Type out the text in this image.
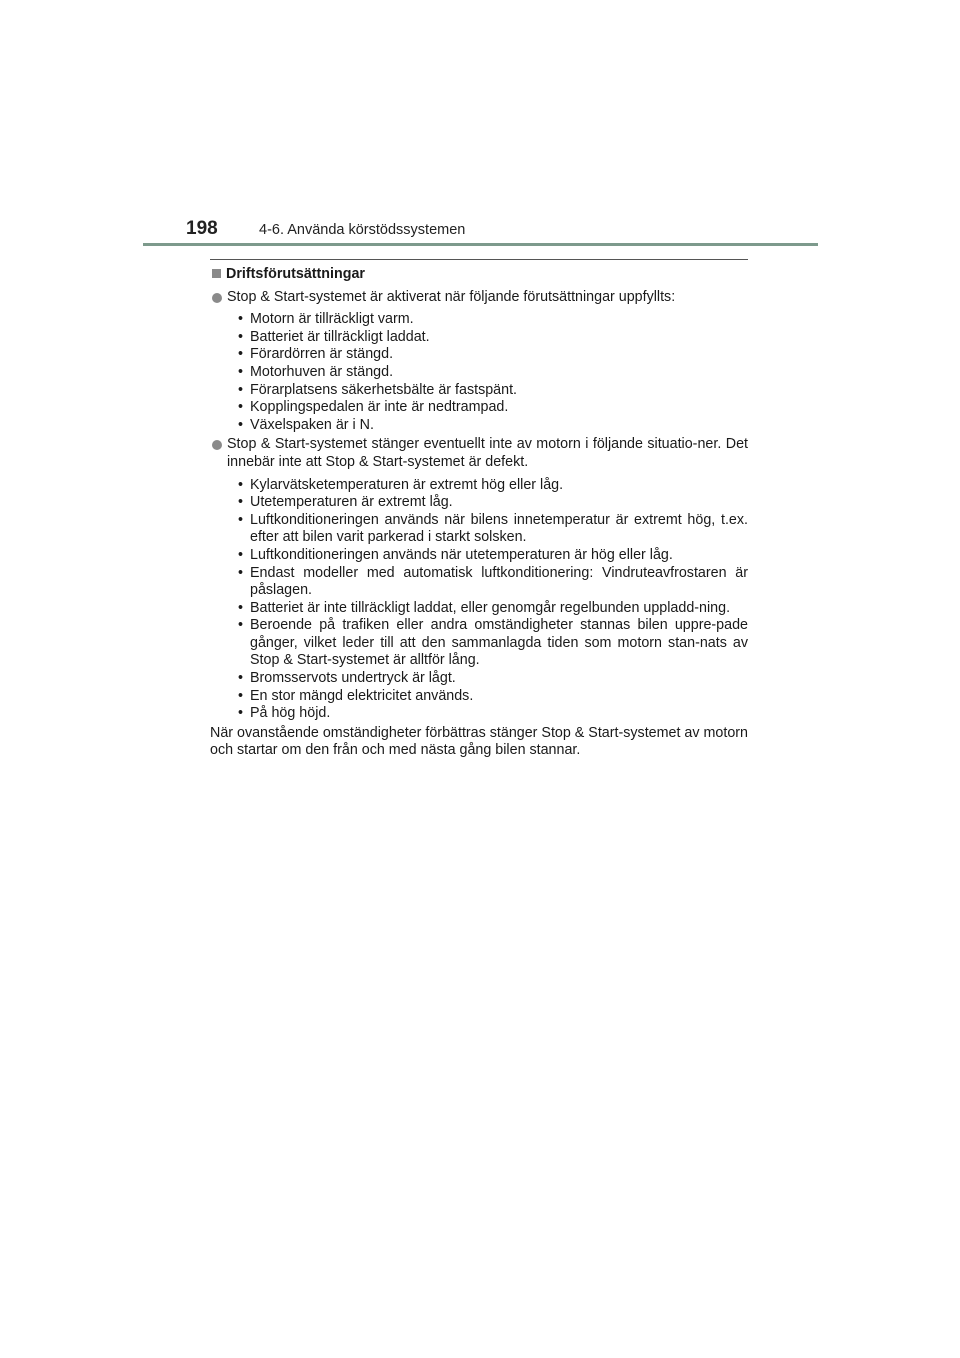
198	4-6. Använda körstödssystemen
Driftsförutsättningar
Stop & Start-systemet är aktiverat när följande förutsättningar uppfyllts:
• Motorn är tillräckligt varm.
• Batteriet är tillräckligt laddat.
• Förardörren är stängd.
• Motorhuven är stängd.
• Förarplatsens säkerhetsbälte är fastspänt.
• Kopplingspedalen är inte är nedtrampad.
• Växelspaken är i N.
Stop & Start-systemet stänger eventuellt inte av motorn i följande situatio-ner. Det innebär inte att Stop & Start-systemet är defekt.
• Kylarvätsketemperaturen är extremt hög eller låg.
• Utetemperaturen är extremt låg.
• Luftkonditioneringen används när bilens innetemperatur är extremt hög, t.ex. efter att bilen varit parkerad i starkt solsken.
• Luftkonditioneringen används när utetemperaturen är hög eller låg.
• Endast modeller med automatisk luftkonditionering: Vindruteavfrostaren är påslagen.
• Batteriet är inte tillräckligt laddat, eller genomgår regelbunden uppladd-ning.
• Beroende på trafiken eller andra omständigheter stannas bilen uppre-pade gånger, vilket leder till att den sammanlagda tiden som motorn stan-nats av Stop & Start-systemet är alltför lång.
• Bromsservots undertryck är lågt.
• En stor mängd elektricitet används.
• På hög höjd.

När ovanstående omständigheter förbättras stänger Stop & Start-systemet av motorn och startar om den från och med nästa gång bilen stannar.
